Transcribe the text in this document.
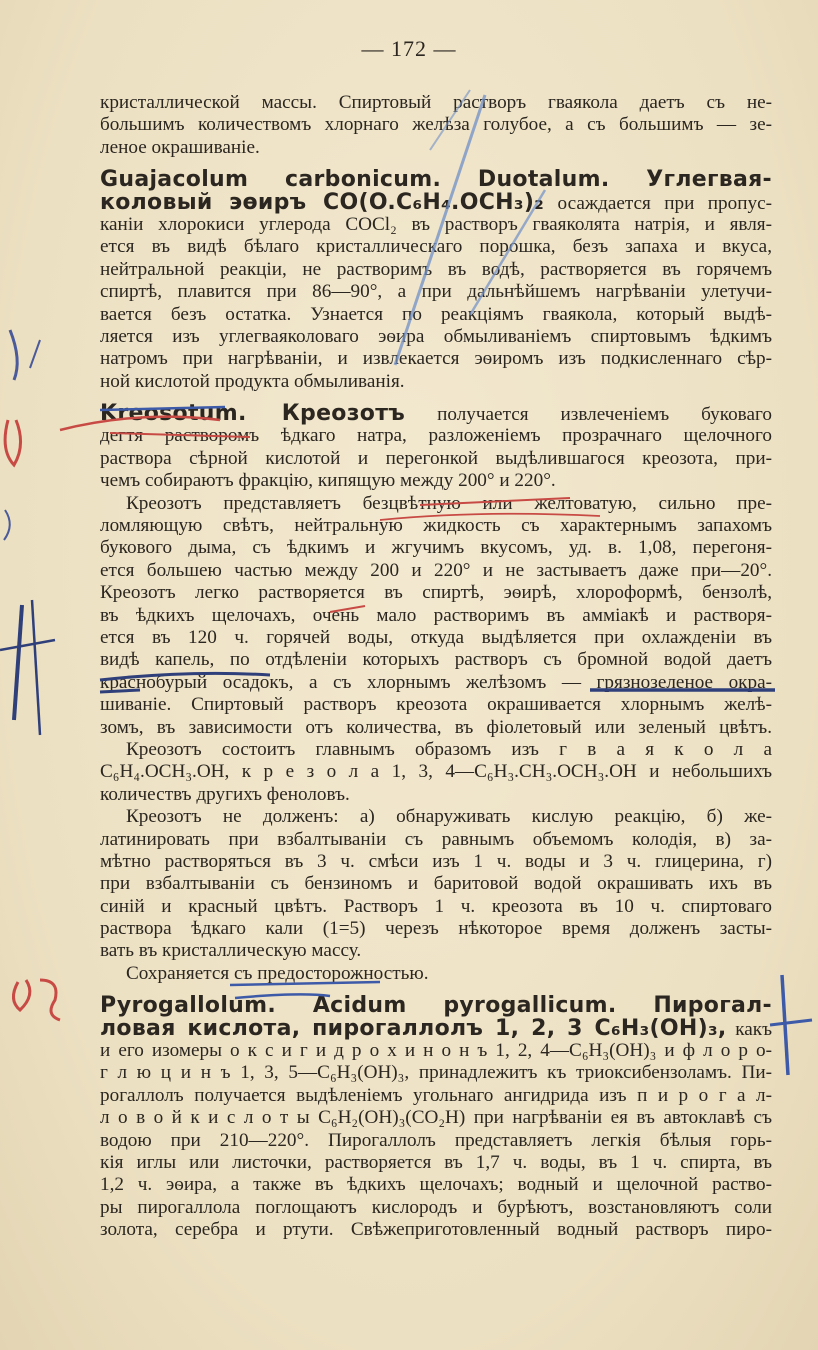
— 172 —
кристаллической массы. Спиртовый растворъ гваякола даетъ съ не-
большимъ количествомъ хлорнаго желѣза голубое, а съ большимъ — зе-
леное окрашиваніе.
Guajacolum carbonicum. Duotalum. Углегвая-
коловый эѳиръ CO(O.C₆H₄.OCH₃)₂ осаждается при пропус-
каніи хлорокиси углерода COCl₂ въ растворъ гваяколята натрія, и явля-
ется въ видѣ бѣлаго кристаллическаго порошка, безъ запаха и вкуса,
нейтральной реакціи, не растворимъ въ водѣ, растворяется въ горячемъ
спиртѣ, плавится при 86—90°, а при дальнѣйшемъ нагрѣваніи улетучи-
вается безъ остатка. Узнается по реакціямъ гваякола, который выдѣ-
ляется изъ углегваяколоваго эѳира обмыливаніемъ спиртовымъ ѣдкимъ
натромъ при нагрѣваніи, и извлекается эѳиромъ изъ подкисленнаго сѣр-
ной кислотой продукта обмыливанія.
Kreosotum. Креозотъ получается извлеченіемъ буковаго
дегтя растворомъ ѣдкаго натра, разложеніемъ прозрачнаго щелочного
раствора сѣрной кислотой и перегонкой выдѣлившагося креозота, при-
чемъ собираютъ фракцію, кипящую между 200° и 220°.
Креозотъ представляетъ безцвѣтную или желтоватую, сильно пре-
ломляющую свѣтъ, нейтральную жидкость съ характернымъ запахомъ
букового дыма, съ ѣдкимъ и жгучимъ вкусомъ, уд. в. 1,08, перегоня-
ется большею частью между 200 и 220° и не застываетъ даже при—20°.
Креозотъ легко растворяется въ спиртѣ, эѳирѣ, хлороформѣ, бензолѣ,
въ ѣдкихъ щелочахъ, очень мало растворимъ въ амміакѣ и растворя-
ется въ 120 ч. горячей воды, откуда выдѣляется при охлажденіи въ
видѣ капель, по отдѣленіи которыхъ растворъ съ бромной водой даетъ
краснобурый осадокъ, а съ хлорнымъ желѣзомъ — грязнозеленое окра-
шиваніе. Спиртовый растворъ креозота окрашивается хлорнымъ желѣ-
зомъ, въ зависимости отъ количества, въ фіолетовый или зеленый цвѣтъ.
Креозотъ состоитъ главнымъ образомъ изъ г в а я к о л а
C₆H₄.OCH₃.OH, к р е з о л а 1, 3, 4—C₆H₃.CH₃.OCH₃.OH и небольшихъ
количествъ другихъ феноловъ.
Креозотъ не долженъ: а) обнаруживать кислую реакцію, б) же-
латинировать при взбалтываніи съ равнымъ объемомъ колодія, в) за-
мѣтно растворяться въ 3 ч. смѣси изъ 1 ч. воды и 3 ч. глицерина, г)
при взбалтываніи съ бензиномъ и баритовой водой окрашивать ихъ въ
синій и красный цвѣтъ. Растворъ 1 ч. креозота въ 10 ч. спиртоваго
раствора ѣдкаго кали (1=5) черезъ нѣкоторое время долженъ засты-
вать въ кристаллическую массу.
Сохраняется съ предосторожностью.
Pyrogallolum. Acidum pyrogallicum. Пирогал-
ловая кислота, пирогаллолъ 1, 2, 3 C₆H₃(OH)₃, какъ
и его изомеры о к с и г и д р о х и н о н ъ 1, 2, 4—C₆H₃(OH)₃ и ф л о р о-
г л ю ц и н ъ 1, 3, 5—C₆H₃(OH)₃, принадлежитъ къ триоксибензоламъ. Пи-
рогаллолъ получается выдѣленіемъ угольнаго ангидрида изъ п и р о г а л-
л о в о й к и с л о т ы C₆H₂(OH)₃(CO₂H) при нагрѣваніи ея въ автоклавѣ съ
водою при 210—220°. Пирогаллолъ представляетъ легкія бѣлыя горь-
кія иглы или листочки, растворяется въ 1,7 ч. воды, въ 1 ч. спирта, въ
1,2 ч. эѳира, а также въ ѣдкихъ щелочахъ; водный и щелочной раство-
ры пирогаллола поглощаютъ кислородъ и бурѣютъ, возстановляютъ соли
золота, серебра и ртути. Свѣжеприготовленный водный растворъ пиро-
